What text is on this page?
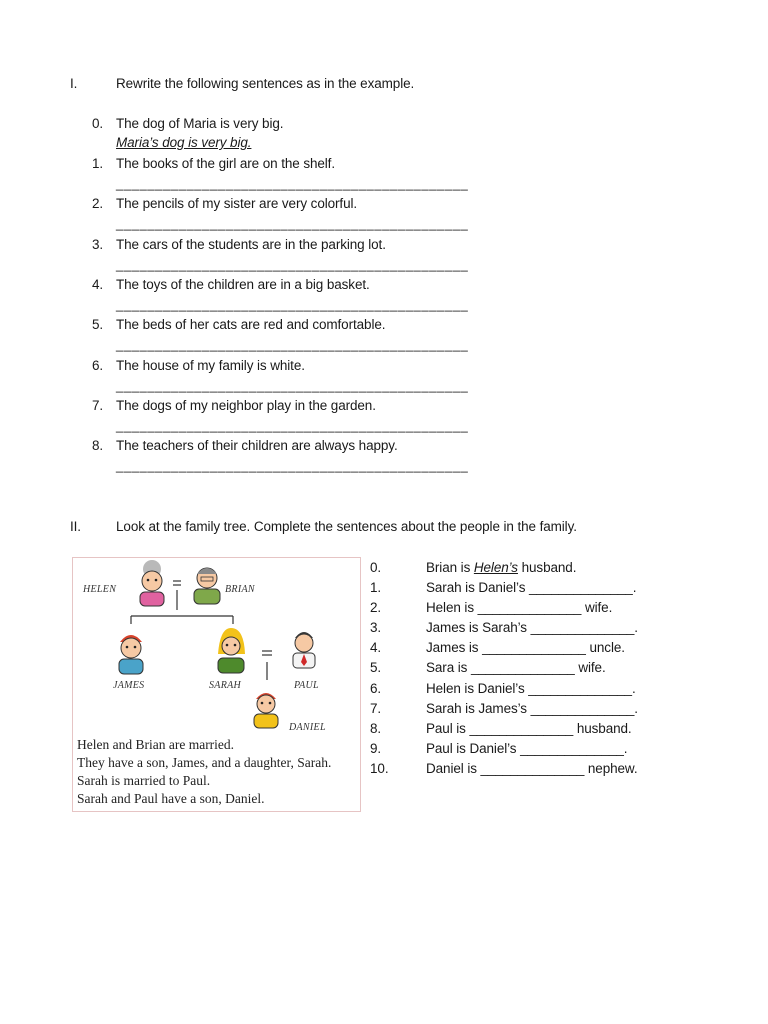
I.	Rewrite the following sentences as in the example.
0. The dog of Maria is very big.
Maria’s dog is very big.
1. The books of the girl are on the shelf.
_____________________________________________
2. The pencils of my sister are very colorful.
_____________________________________________
3. The cars of the students are in the parking lot.
_____________________________________________
4. The toys of the children are in a big basket.
_____________________________________________
5. The beds of her cats are red and comfortable.
_____________________________________________
6. The house of my family is white.
_____________________________________________
7. The dogs of my neighbor play in the garden.
_____________________________________________
8. The teachers of their children are always happy.
_____________________________________________
II.	Look at the family tree. Complete the sentences about the people in the family.
HELEN	BRIAN
JAMES	SARAH	PAUL
DANIEL
Helen and Brian are married.
They have a son, James, and a daughter, Sarah.
Sarah is married to Paul.
Sarah and Paul have a son, Daniel.
0.	Brian is Helen’s husband.
1.	Sarah is Daniel’s ______________.
2.	Helen is ______________ wife.
3.	James is Sarah’s ______________.
4.	James is ______________ uncle.
5.	Sara is ______________ wife.
6.	Helen is Daniel’s ______________.
7.	Sarah is James’s ______________.
8.	Paul is ______________ husband.
9.	Paul is Daniel’s ______________.
10.	Daniel is ______________ nephew.
